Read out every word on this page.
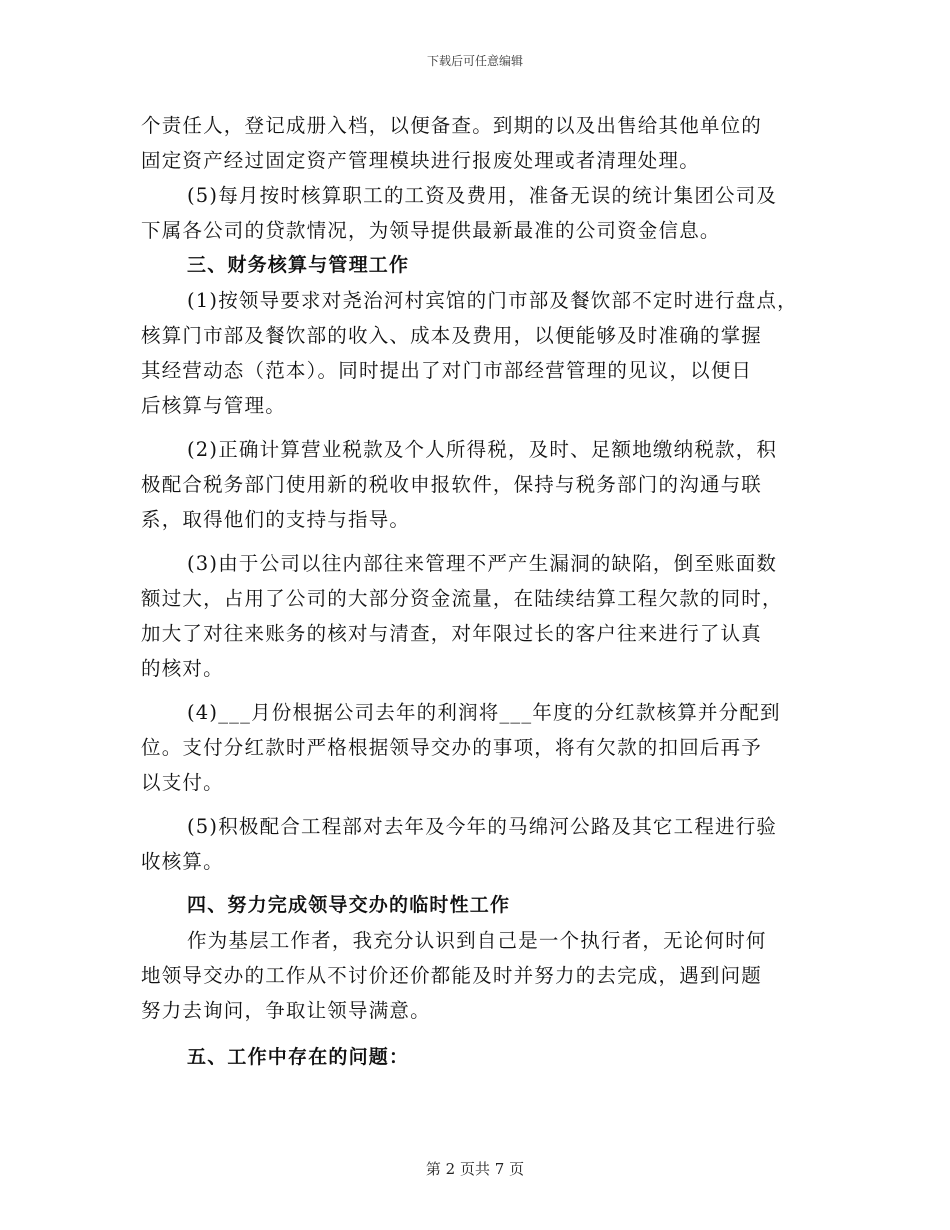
下载后可任意编辑
个责任人，登记成册入档，以便备查。到期的以及出售给其他单位的
固定资产经过固定资产管理模块进行报废处理或者清理处理。
(5)每月按时核算职工的工资及费用，准备无误的统计集团公司及
下属各公司的贷款情况，为领导提供最新最准的公司资金信息。
三、财务核算与管理工作
(1)按领导要求对尧治河村宾馆的门市部及餐饮部不定时进行盘点，
核算门市部及餐饮部的收入、成本及费用，以便能够及时准确的掌握
其经营动态（范本）。同时提出了对门市部经营管理的见议，以便日
后核算与管理。
(2)正确计算营业税款及个人所得税，及时、足额地缴纳税款，积
极配合税务部门使用新的税收申报软件，保持与税务部门的沟通与联
系，取得他们的支持与指导。
(3)由于公司以往内部往来管理不严产生漏洞的缺陷，倒至账面数
额过大，占用了公司的大部分资金流量，在陆续结算工程欠款的同时，
加大了对往来账务的核对与清查，对年限过长的客户往来进行了认真
的核对。
(4)___月份根据公司去年的利润将___年度的分红款核算并分配到
位。支付分红款时严格根据领导交办的事项，将有欠款的扣回后再予
以支付。
(5)积极配合工程部对去年及今年的马绵河公路及其它工程进行验
收核算。
四、努力完成领导交办的临时性工作
作为基层工作者，我充分认识到自己是一个执行者，无论何时何
地领导交办的工作从不讨价还价都能及时并努力的去完成，遇到问题
努力去询问，争取让领导满意。
五、工作中存在的问题：
第 2 页共 7 页
